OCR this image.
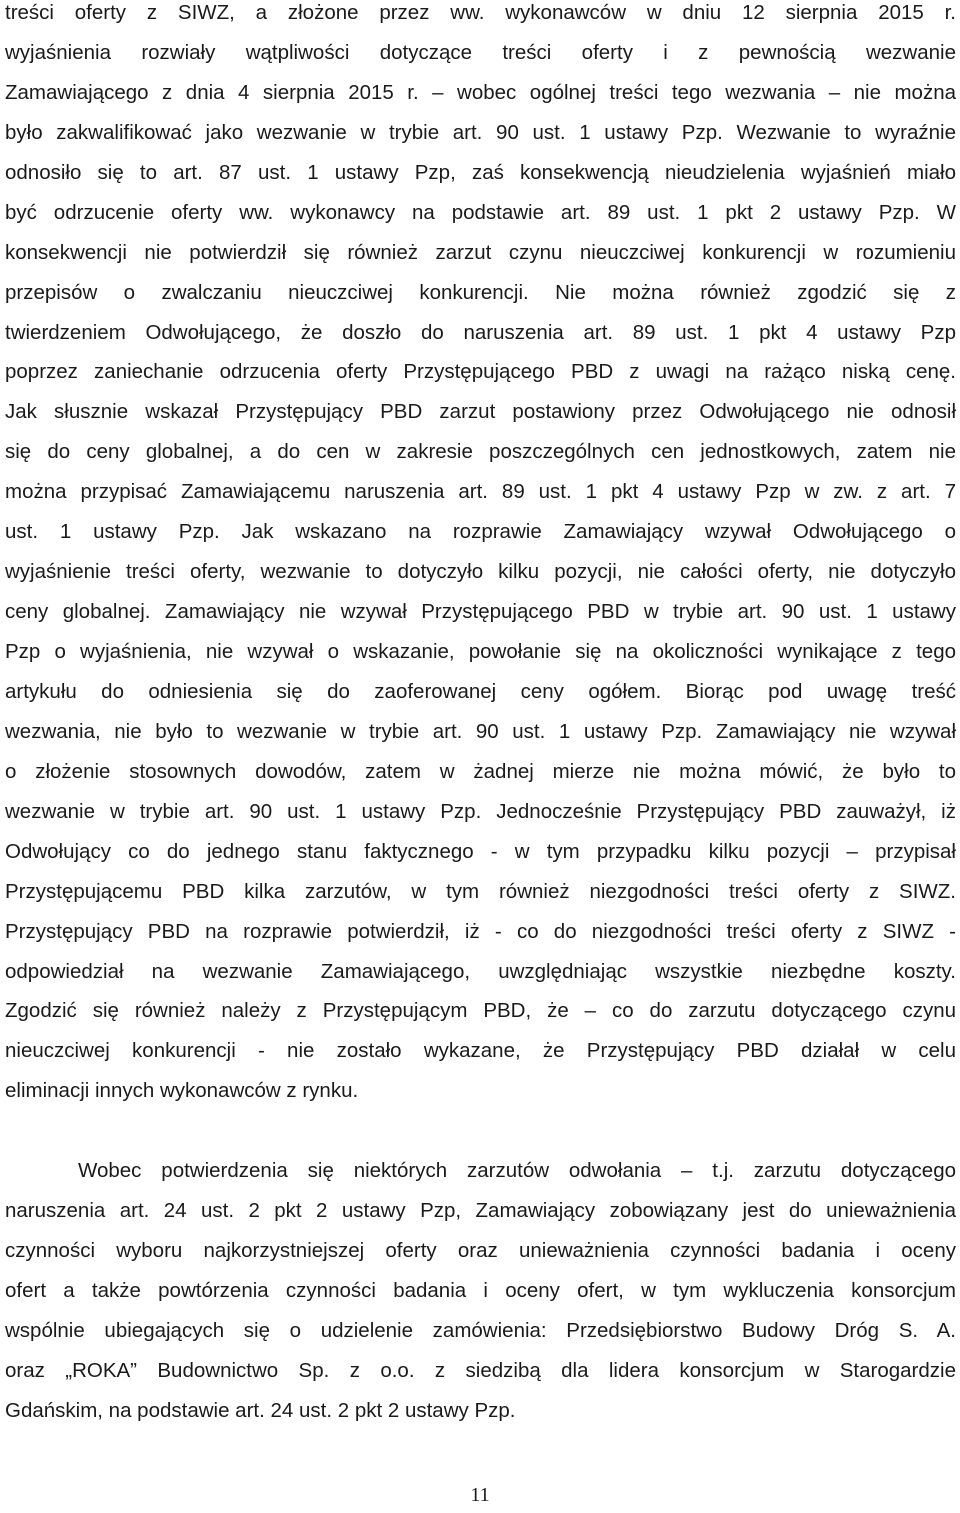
treści oferty z SIWZ, a złożone przez ww. wykonawców w dniu 12 sierpnia 2015 r.
wyjaśnienia rozwiały wątpliwości dotyczące treści oferty i z pewnością wezwanie
Zamawiającego z dnia 4 sierpnia 2015 r. – wobec ogólnej treści tego wezwania – nie można
było zakwalifikować jako wezwanie w trybie art. 90 ust. 1 ustawy Pzp. Wezwanie to wyraźnie
odnosiło się to art. 87 ust. 1 ustawy Pzp, zaś konsekwencją nieudzielenia wyjaśnień miało
być odrzucenie oferty ww. wykonawcy na podstawie art. 89 ust. 1 pkt 2 ustawy Pzp. W
konsekwencji nie potwierdził się również zarzut czynu nieuczciwej konkurencji w rozumieniu
przepisów o zwalczaniu nieuczciwej konkurencji. Nie można również zgodzić się z
twierdzeniem Odwołującego, że doszło do naruszenia art. 89 ust. 1 pkt 4 ustawy Pzp
poprzez zaniechanie odrzucenia oferty Przystępującego PBD z uwagi na rażąco niską cenę.
Jak słusznie wskazał Przystępujący PBD zarzut postawiony przez Odwołującego nie odnosił
się do ceny globalnej, a do cen w zakresie poszczególnych cen jednostkowych, zatem nie
można przypisać Zamawiającemu naruszenia art. 89 ust. 1 pkt 4 ustawy Pzp w zw. z art. 7
ust. 1 ustawy Pzp. Jak wskazano na rozprawie Zamawiający wzywał Odwołującego o
wyjaśnienie treści oferty, wezwanie to dotyczyło kilku pozycji, nie całości oferty, nie dotyczyło
ceny globalnej. Zamawiający nie wzywał Przystępującego PBD w trybie art. 90 ust. 1 ustawy
Pzp o wyjaśnienia, nie wzywał o wskazanie, powołanie się na okoliczności wynikające z tego
artykułu do odniesienia się do zaoferowanej ceny ogółem. Biorąc pod uwagę treść
wezwania, nie było to wezwanie w trybie art. 90 ust. 1 ustawy Pzp. Zamawiający nie wzywał
o złożenie stosownych dowodów, zatem w żadnej mierze nie można mówić, że było to
wezwanie w trybie art. 90 ust. 1 ustawy Pzp. Jednocześnie Przystępujący PBD zauważył, iż
Odwołujący co do jednego stanu faktycznego - w tym przypadku kilku pozycji – przypisał
Przystępującemu PBD kilka zarzutów, w tym również niezgodności treści oferty z SIWZ.
Przystępujący PBD na rozprawie potwierdził, iż - co do niezgodności treści oferty z SIWZ -
odpowiedział na wezwanie Zamawiającego, uwzględniając wszystkie niezbędne koszty.
Zgodzić się również należy z Przystępującym PBD, że – co do zarzutu dotyczącego czynu
nieuczciwej konkurencji - nie zostało wykazane, że Przystępujący PBD działał w celu
eliminacji innych wykonawców z rynku.
Wobec potwierdzenia się niektórych zarzutów odwołania – t.j. zarzutu dotyczącego
naruszenia art. 24 ust. 2 pkt 2 ustawy Pzp, Zamawiający zobowiązany jest do unieważnienia
czynności wyboru najkorzystniejszej oferty oraz unieważnienia czynności badania i oceny
ofert a także powtórzenia czynności badania i oceny ofert, w tym wykluczenia konsorcjum
wspólnie ubiegających się o udzielenie zamówienia: Przedsiębiorstwo Budowy Dróg S. A.
oraz „ROKA” Budownictwo Sp. z o.o. z siedzibą dla lidera konsorcjum w Starogardzie
Gdańskim, na podstawie art. 24 ust. 2 pkt 2 ustawy Pzp.
11
